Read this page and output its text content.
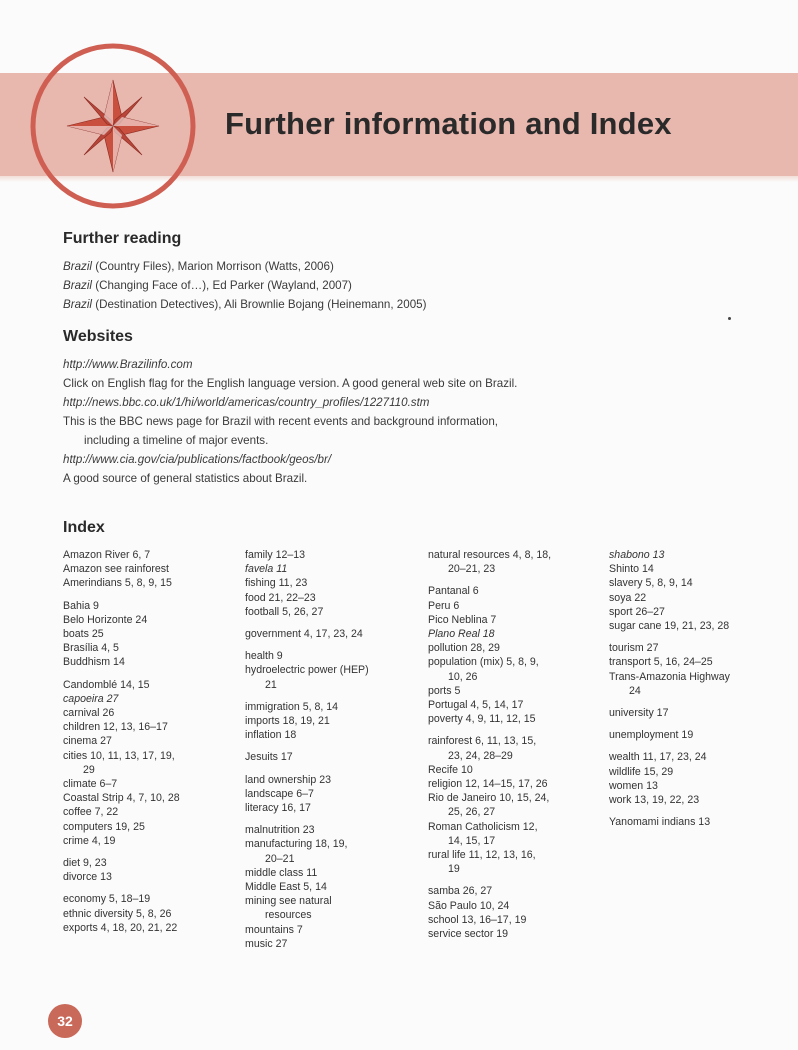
Further information and Index
Further reading
Brazil (Country Files), Marion Morrison (Watts, 2006)
Brazil (Changing Face of…), Ed Parker (Wayland, 2007)
Brazil (Destination Detectives), Ali Brownlie Bojang (Heinemann, 2005)
Websites
http://www.Brazilinfo.com
Click on English flag for the English language version. A good general web site on Brazil.
http://news.bbc.co.uk/1/hi/world/americas/country_profiles/1227110.stm
This is the BBC news page for Brazil with recent events and background information,
including a timeline of major events.
http://www.cia.gov/cia/publications/factbook/geos/br/
A good source of general statistics about Brazil.
Index
Amazon River 6, 7
Amazon see rainforest
Amerindians 5, 8, 9, 15
Bahia 9
Belo Horizonte 24
boats 25
Brasília 4, 5
Buddhism 14
Candomblé 14, 15
capoeira 27
carnival 26
children 12, 13, 16–17
cinema 27
cities 10, 11, 13, 17, 19,
29
climate 6–7
Coastal Strip 4, 7, 10, 28
coffee 7, 22
computers 19, 25
crime 4, 19
diet 9, 23
divorce 13
economy 5, 18–19
ethnic diversity 5, 8, 26
exports 4, 18, 20, 21, 22
family 12–13
favela 11
fishing 11, 23
food 21, 22–23
football 5, 26, 27
government 4, 17, 23, 24
health 9
hydroelectric power (HEP)
21
immigration 5, 8, 14
imports 18, 19, 21
inflation 18
Jesuits 17
land ownership 23
landscape 6–7
literacy 16, 17
malnutrition 23
manufacturing 18, 19,
20–21
middle class 11
Middle East 5, 14
mining see natural
resources
mountains 7
music 27
natural resources 4, 8, 18,
20–21, 23
Pantanal 6
Peru 6
Pico Neblina 7
Plano Real 18
pollution 28, 29
population (mix) 5, 8, 9,
10, 26
ports 5
Portugal 4, 5, 14, 17
poverty 4, 9, 11, 12, 15
rainforest 6, 11, 13, 15,
23, 24, 28–29
Recife 10
religion 12, 14–15, 17, 26
Rio de Janeiro 10, 15, 24,
25, 26, 27
Roman Catholicism 12,
14, 15, 17
rural life 11, 12, 13, 16,
19
samba 26, 27
São Paulo 10, 24
school 13, 16–17, 19
service sector 19
shabono 13
Shinto 14
slavery 5, 8, 9, 14
soya 22
sport 26–27
sugar cane 19, 21, 23, 28
tourism 27
transport 5, 16, 24–25
Trans-Amazonia Highway
24
university 17
unemployment 19
wealth 11, 17, 23, 24
wildlife 15, 29
women 13
work 13, 19, 22, 23
Yanomami indians 13
32
